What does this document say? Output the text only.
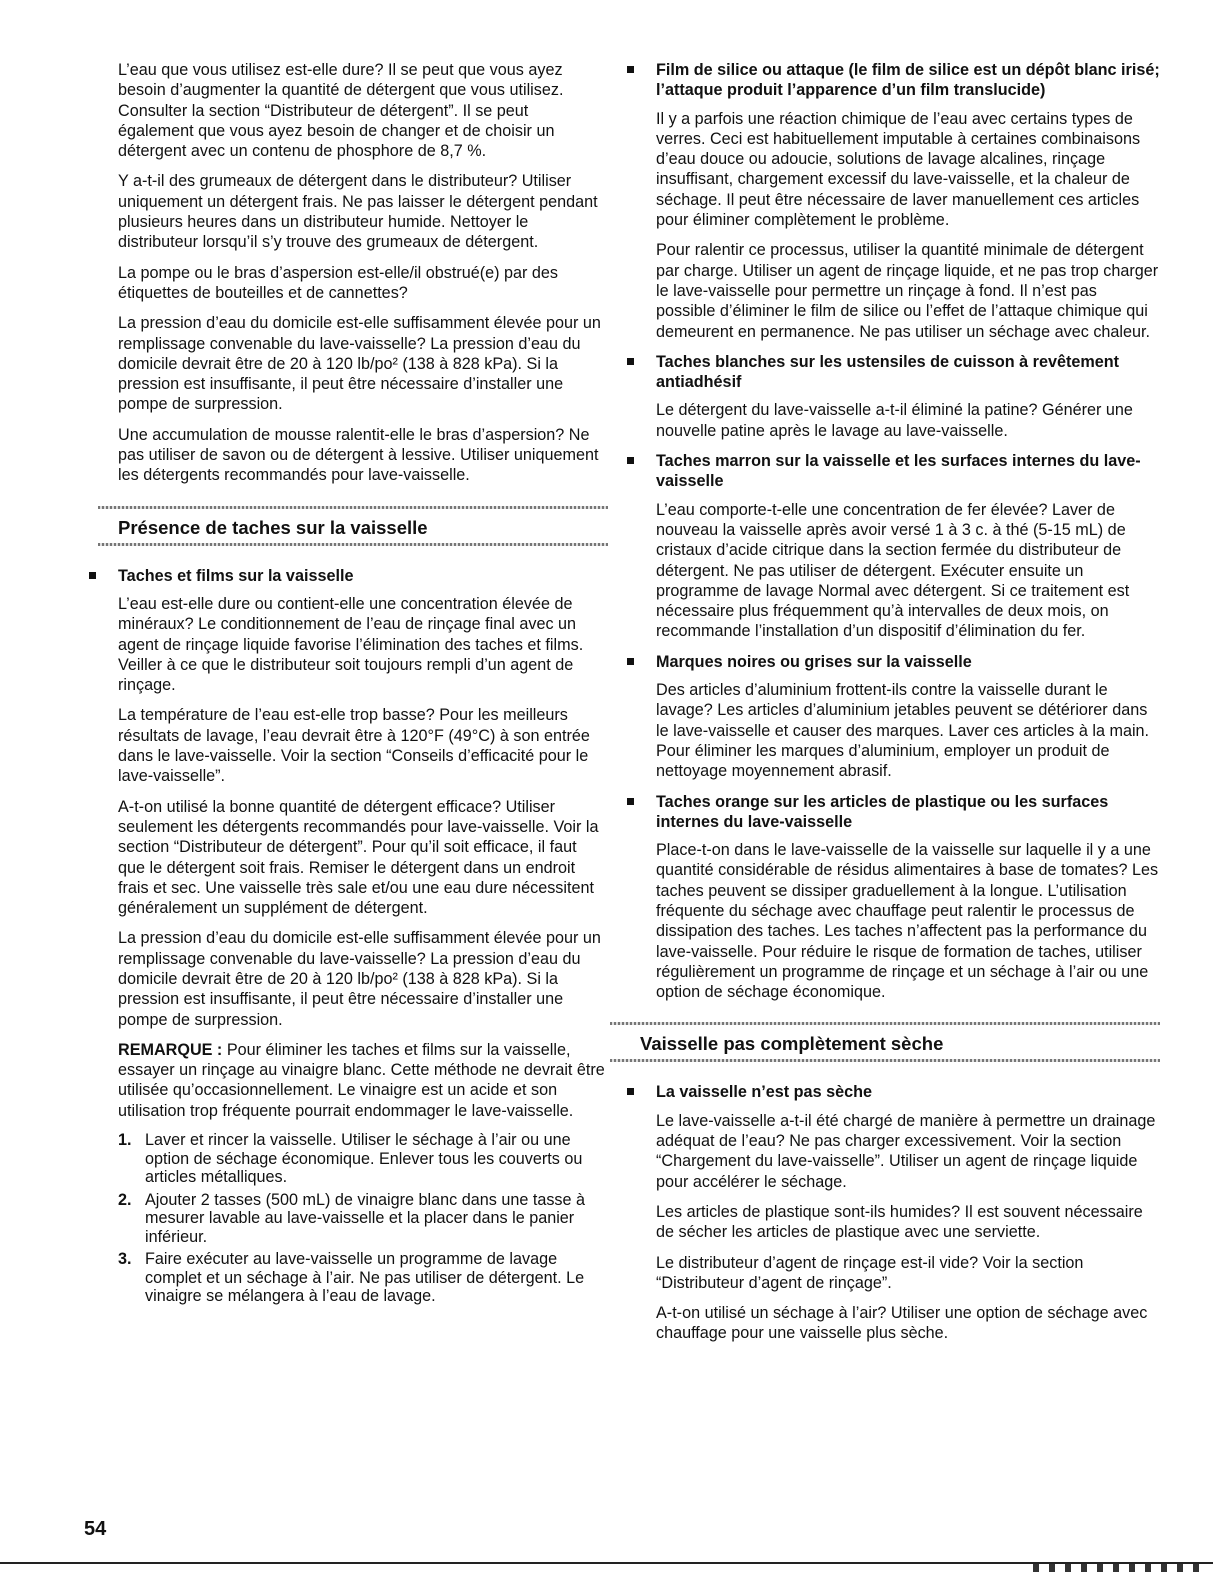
L’eau que vous utilisez est-elle dure? Il se peut que vous ayez besoin d’augmenter la quantité de détergent que vous utilisez. Consulter la section “Distributeur de détergent”. Il se peut également que vous ayez besoin de changer et de choisir un détergent avec un contenu de phosphore de 8,7 %.

Y a-t-il des grumeaux de détergent dans le distributeur? Utiliser uniquement un détergent frais. Ne pas laisser le détergent pendant plusieurs heures dans un distributeur humide. Nettoyer le distributeur lorsqu’il s’y trouve des grumeaux de détergent.

La pompe ou le bras d’aspersion est-elle/il obstrué(e) par des étiquettes de bouteilles et de cannettes?

La pression d’eau du domicile est-elle suffisamment élevée pour un remplissage convenable du lave-vaisselle? La pression d’eau du domicile devrait être de 20 à 120 lb/po² (138 à 828 kPa). Si la pression est insuffisante, il peut être nécessaire d’installer une pompe de surpression.

Une accumulation de mousse ralentit-elle le bras d’aspersion? Ne pas utiliser de savon ou de détergent à lessive. Utiliser uniquement les détergents recommandés pour lave-vaisselle.

Présence de taches sur la vaisselle
Taches et films sur la vaisselle

L’eau est-elle dure ou contient-elle une concentration élevée de minéraux? Le conditionnement de l’eau de rinçage final avec un agent de rinçage liquide favorise l’élimination des taches et films. Veiller à ce que le distributeur soit toujours rempli d’un agent de rinçage.

La température de l’eau est-elle trop basse? Pour les meilleurs résultats de lavage, l’eau devrait être à 120°F (49°C) à son entrée dans le lave-vaisselle. Voir la section “Conseils d’efficacité pour le lave-vaisselle”.

A-t-on utilisé la bonne quantité de détergent efficace? Utiliser seulement les détergents recommandés pour lave-vaisselle. Voir la section “Distributeur de détergent”. Pour qu’il soit efficace, il faut que le détergent soit frais. Remiser le détergent dans un endroit frais et sec. Une vaisselle très sale et/ou une eau dure nécessitent généralement un supplément de détergent.

La pression d’eau du domicile est-elle suffisamment élevée pour un remplissage convenable du lave-vaisselle? La pression d’eau du domicile devrait être de 20 à 120 lb/po² (138 à 828 kPa). Si la pression est insuffisante, il peut être nécessaire d’installer une pompe de surpression.

REMARQUE : Pour éliminer les taches et films sur la vaisselle, essayer un rinçage au vinaigre blanc. Cette méthode ne devrait être utilisée qu’occasionnellement. Le vinaigre est un acide et son utilisation trop fréquente pourrait endommager le lave-vaisselle.

1. Laver et rincer la vaisselle. Utiliser le séchage à l’air ou une option de séchage économique. Enlever tous les couverts ou articles métalliques.
2. Ajouter 2 tasses (500 mL) de vinaigre blanc dans une tasse à mesurer lavable au lave-vaisselle et la placer dans le panier inférieur.
3. Faire exécuter au lave-vaisselle un programme de lavage complet et un séchage à l’air. Ne pas utiliser de détergent. Le vinaigre se mélangera à l’eau de lavage.
Film de silice ou attaque (le film de silice est un dépôt blanc irisé; l’attaque produit l’apparence d’un film translucide)

Il y a parfois une réaction chimique de l’eau avec certains types de verres. Ceci est habituellement imputable à certaines combinaisons d’eau douce ou adoucie, solutions de lavage alcalines, rinçage insuffisant, chargement excessif du lave-vaisselle, et la chaleur de séchage. Il peut être nécessaire de laver manuellement ces articles pour éliminer complètement le problème.

Pour ralentir ce processus, utiliser la quantité minimale de détergent par charge. Utiliser un agent de rinçage liquide, et ne pas trop charger le lave-vaisselle pour permettre un rinçage à fond. Il n’est pas possible d’éliminer le film de silice ou l’effet de l’attaque chimique qui demeurent en permanence. Ne pas utiliser un séchage avec chaleur.

Taches blanches sur les ustensiles de cuisson à revêtement antiadhésif

Le détergent du lave-vaisselle a-t-il éliminé la patine? Générer une nouvelle patine après le lavage au lave-vaisselle.

Taches marron sur la vaisselle et les surfaces internes du lave-vaisselle

L’eau comporte-t-elle une concentration de fer élevée? Laver de nouveau la vaisselle après avoir versé 1 à 3 c. à thé (5-15 mL) de cristaux d’acide citrique dans la section fermée du distributeur de détergent. Ne pas utiliser de détergent. Exécuter ensuite un programme de lavage Normal avec détergent. Si ce traitement est nécessaire plus fréquemment qu’à intervalles de deux mois, on recommande l’installation d’un dispositif d’élimination du fer.

Marques noires ou grises sur la vaisselle

Des articles d’aluminium frottent-ils contre la vaisselle durant le lavage? Les articles d’aluminium jetables peuvent se détériorer dans le lave-vaisselle et causer des marques. Laver ces articles à la main. Pour éliminer les marques d’aluminium, employer un produit de nettoyage moyennement abrasif.

Taches orange sur les articles de plastique ou les surfaces internes du lave-vaisselle

Place-t-on dans le lave-vaisselle de la vaisselle sur laquelle il y a une quantité considérable de résidus alimentaires à base de tomates? Les taches peuvent se dissiper graduellement à la longue. L’utilisation fréquente du séchage avec chauffage peut ralentir le processus de dissipation des taches. Les taches n’affectent pas la performance du lave-vaisselle. Pour réduire le risque de formation de taches, utiliser régulièrement un programme de rinçage et un séchage à l’air ou une option de séchage économique.

Vaisselle pas complètement sèche
La vaisselle n’est pas sèche

Le lave-vaisselle a-t-il été chargé de manière à permettre un drainage adéquat de l’eau? Ne pas charger excessivement. Voir la section “Chargement du lave-vaisselle”. Utiliser un agent de rinçage liquide pour accélérer le séchage.

Les articles de plastique sont-ils humides? Il est souvent nécessaire de sécher les articles de plastique avec une serviette.

Le distributeur d’agent de rinçage est-il vide? Voir la section “Distributeur d’agent de rinçage”.

A-t-on utilisé un séchage à l’air? Utiliser une option de séchage avec chauffage pour une vaisselle plus sèche.

54
